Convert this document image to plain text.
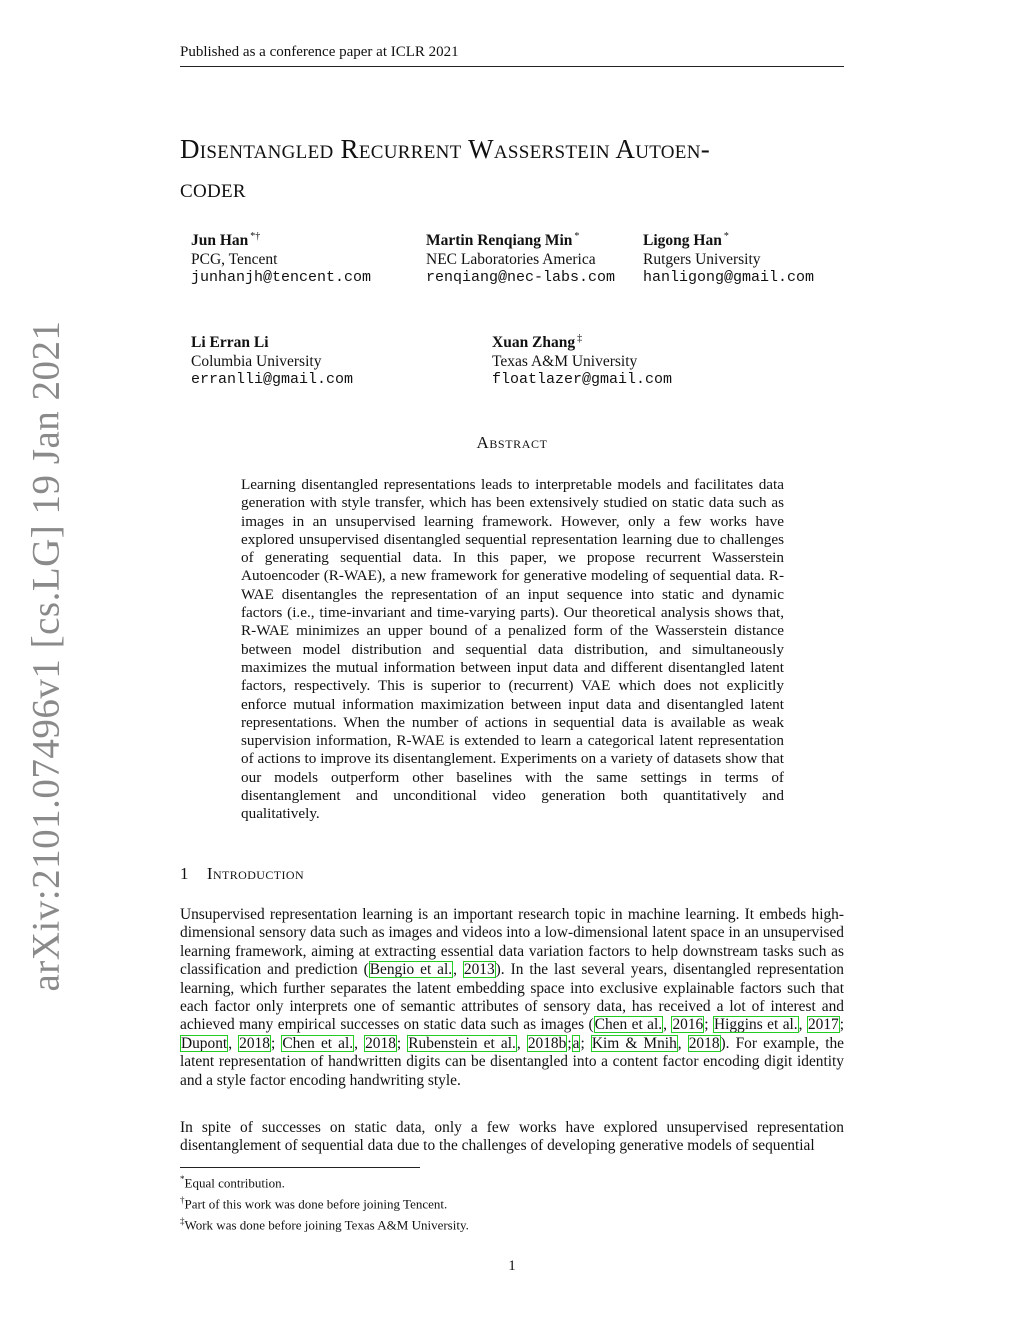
Published as a conference paper at ICLR 2021
Disentangled Recurrent Wasserstein Autoen-
coder
Jun Han *†
PCG, Tencent
junhanjh@tencent.com
Martin Renqiang Min *
NEC Laboratories America
renqiang@nec-labs.com
Ligong Han *
Rutgers University
hanligong@gmail.com
Li Erran Li
Columbia University
erranlli@gmail.com
Xuan Zhang ‡
Texas A&M University
floatlazer@gmail.com
arXiv:2101.07496v1 [cs.LG] 19 Jan 2021	Abstract

Learning disentangled representations leads to interpretable models and facilitates data generation with style transfer, which has been extensively studied on static data such as images in an unsupervised learning framework. However, only a few works have explored unsupervised disentangled sequential representation learning due to challenges of generating sequential data. In this paper, we propose recurrent Wasserstein Autoencoder (R-WAE), a new framework for generative modeling of sequential data. R-WAE disentangles the representation of an input sequence into static and dynamic factors (i.e., time-invariant and time-varying parts). Our theoretical analysis shows that, R-WAE minimizes an upper bound of a penalized form of the Wasserstein distance between model distribution and sequential data distribution, and simultaneously maximizes the mutual information between input data and different disentangled latent factors, respectively. This is superior to (recurrent) VAE which does not explicitly enforce mutual information maximization between input data and disentangled latent representations. When the number of actions in sequential data is available as weak supervision information, R-WAE is extended to learn a categorical latent representation of actions to improve its disentanglement. Experiments on a variety of datasets show that our models outperform other baselines with the same settings in terms of disentanglement and unconditional video generation both quantitatively and qualitatively.

1 Introduction

Unsupervised representation learning is an important research topic in machine learning. It embeds high-dimensional sensory data such as images and videos into a low-dimensional latent space in an unsupervised learning framework, aiming at extracting essential data variation factors to help downstream tasks such as classification and prediction (Bengio et al., 2013). In the last several years, disentangled representation learning, which further separates the latent embedding space into exclusive explainable factors such that each factor only interprets one of semantic attributes of sensory data, has received a lot of interest and achieved many empirical successes on static data such as images (Chen et al., 2016; Higgins et al., 2017; Dupont, 2018; Chen et al., 2018; Rubenstein et al., 2018b;a; Kim & Mnih, 2018). For example, the latent representation of handwritten digits can be disentangled into a content factor encoding digit identity and a style factor encoding handwriting style.

In spite of successes on static data, only a few works have explored unsupervised representation disentanglement of sequential data due to the challenges of developing generative models of sequential

*Equal contribution.
†Part of this work was done before joining Tencent.
‡Work was done before joining Texas A&M University.
1
